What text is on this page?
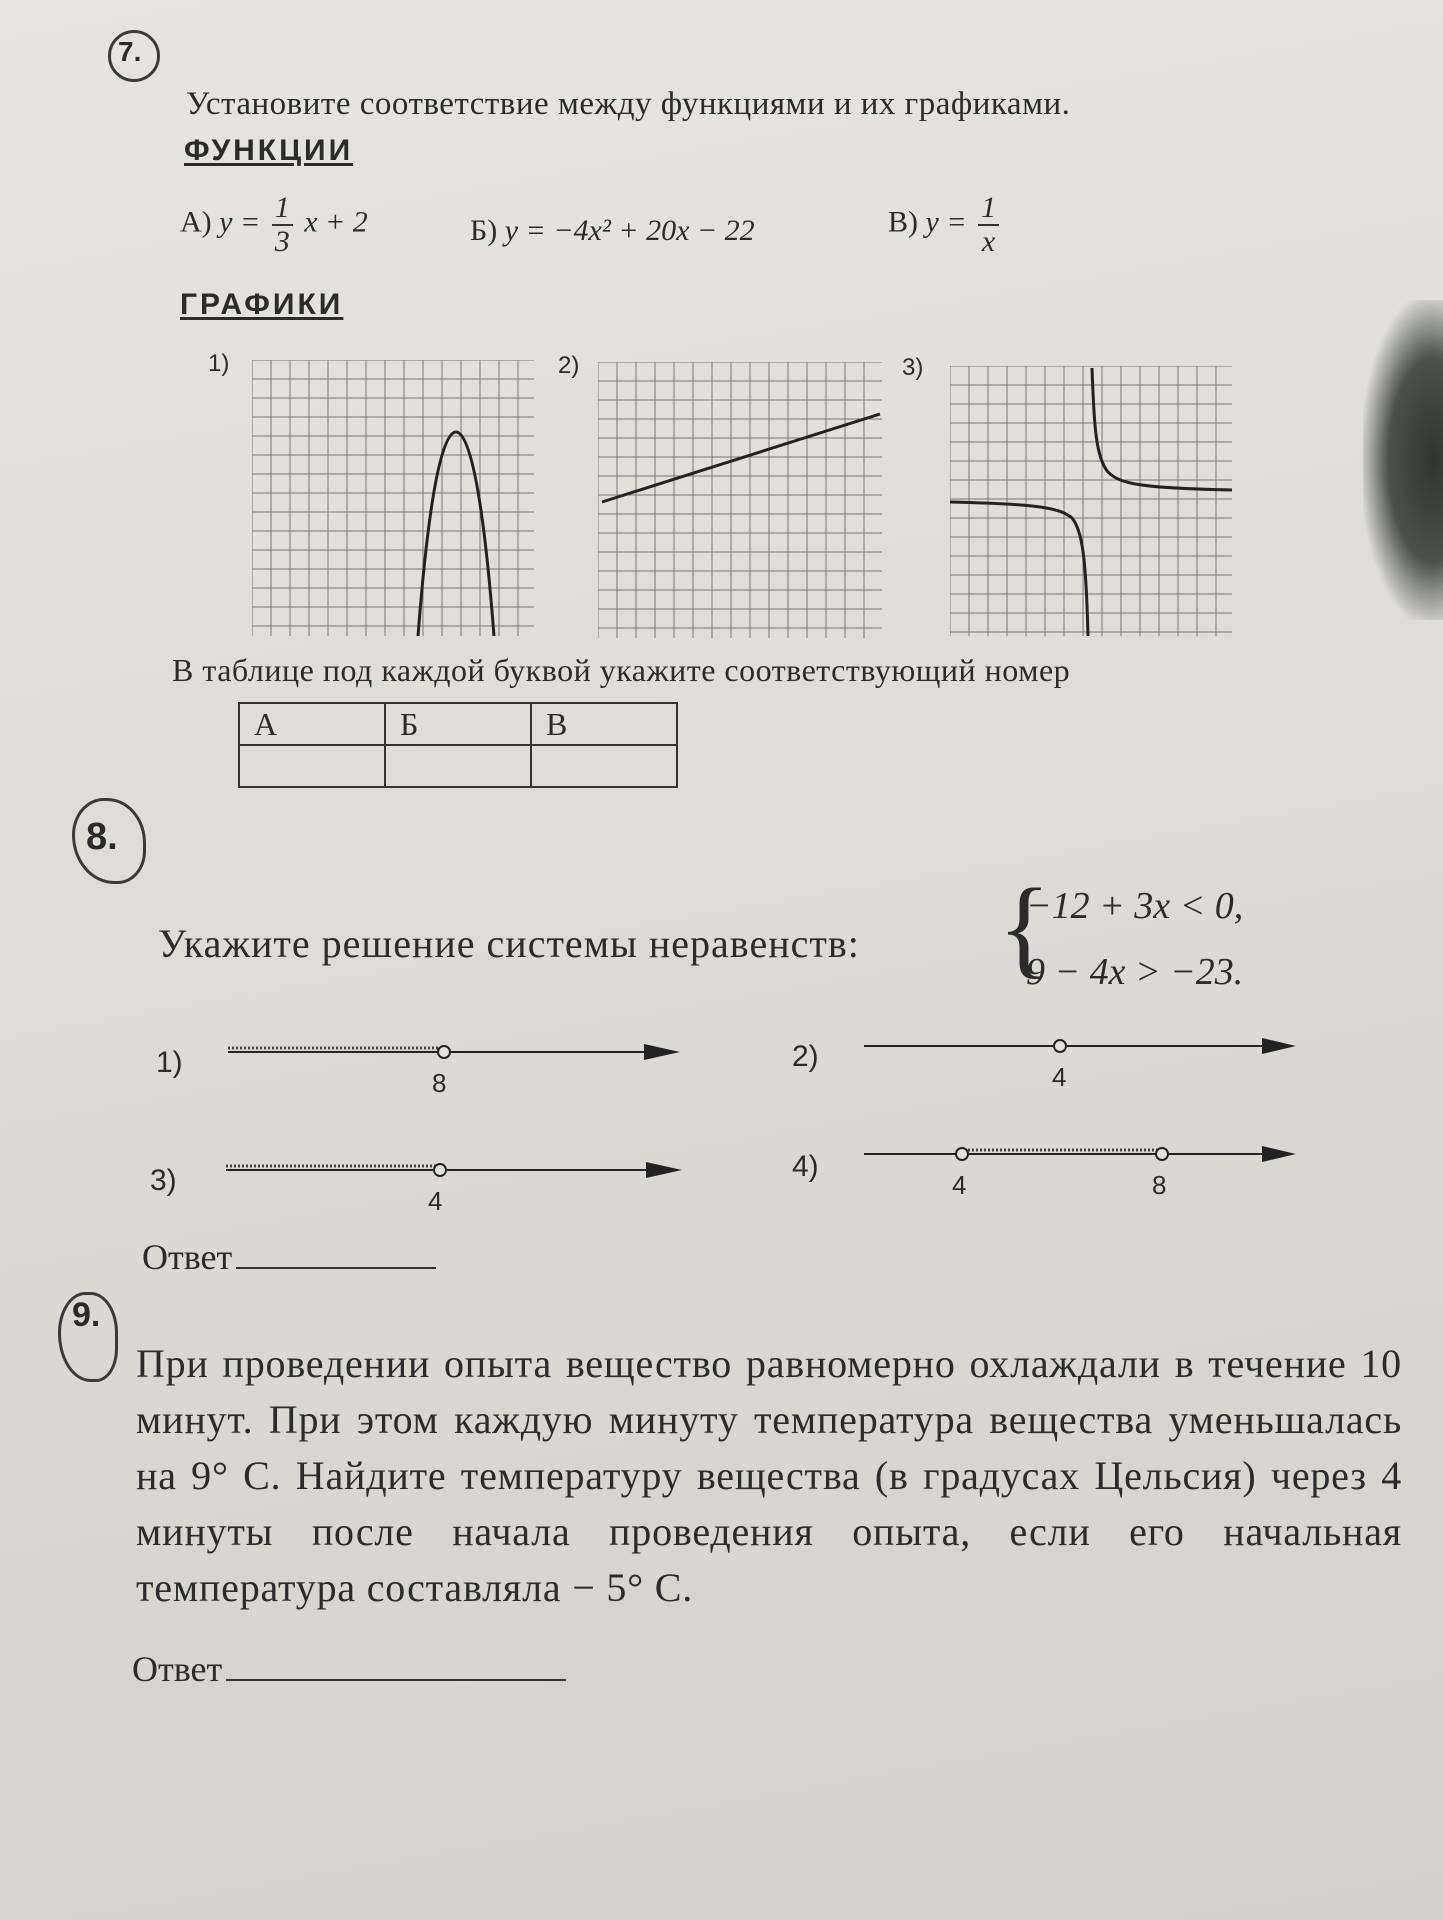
7.
Установите соответствие между функциями и их графиками.
ФУНКЦИИ
А) $y = \frac{1}{3}$ x + 2	Б) y = −4x² + 20x − 22	В) $y = \frac{1}{x}$
ГРАФИКИ
1)	2)	3)
В таблице под каждой буквой укажите соответствующий номер
А	Б	В

8.
Укажите решение системы неравенств: {
−12 + 3x < 0,
9 − 4x > −23.
1)
8
2)
4
3)
4
4)
4	8
Ответ
9.
При проведении опыта вещество равномерно охлаждали в течение 10 минут. При этом каждую минуту температура вещества уменьшалась на 9° С. Найдите температуру вещества (в градусах Цельсия) через 4 минуты после начала проведения опыта, если его начальная температура составляла − 5° С.
Ответ
